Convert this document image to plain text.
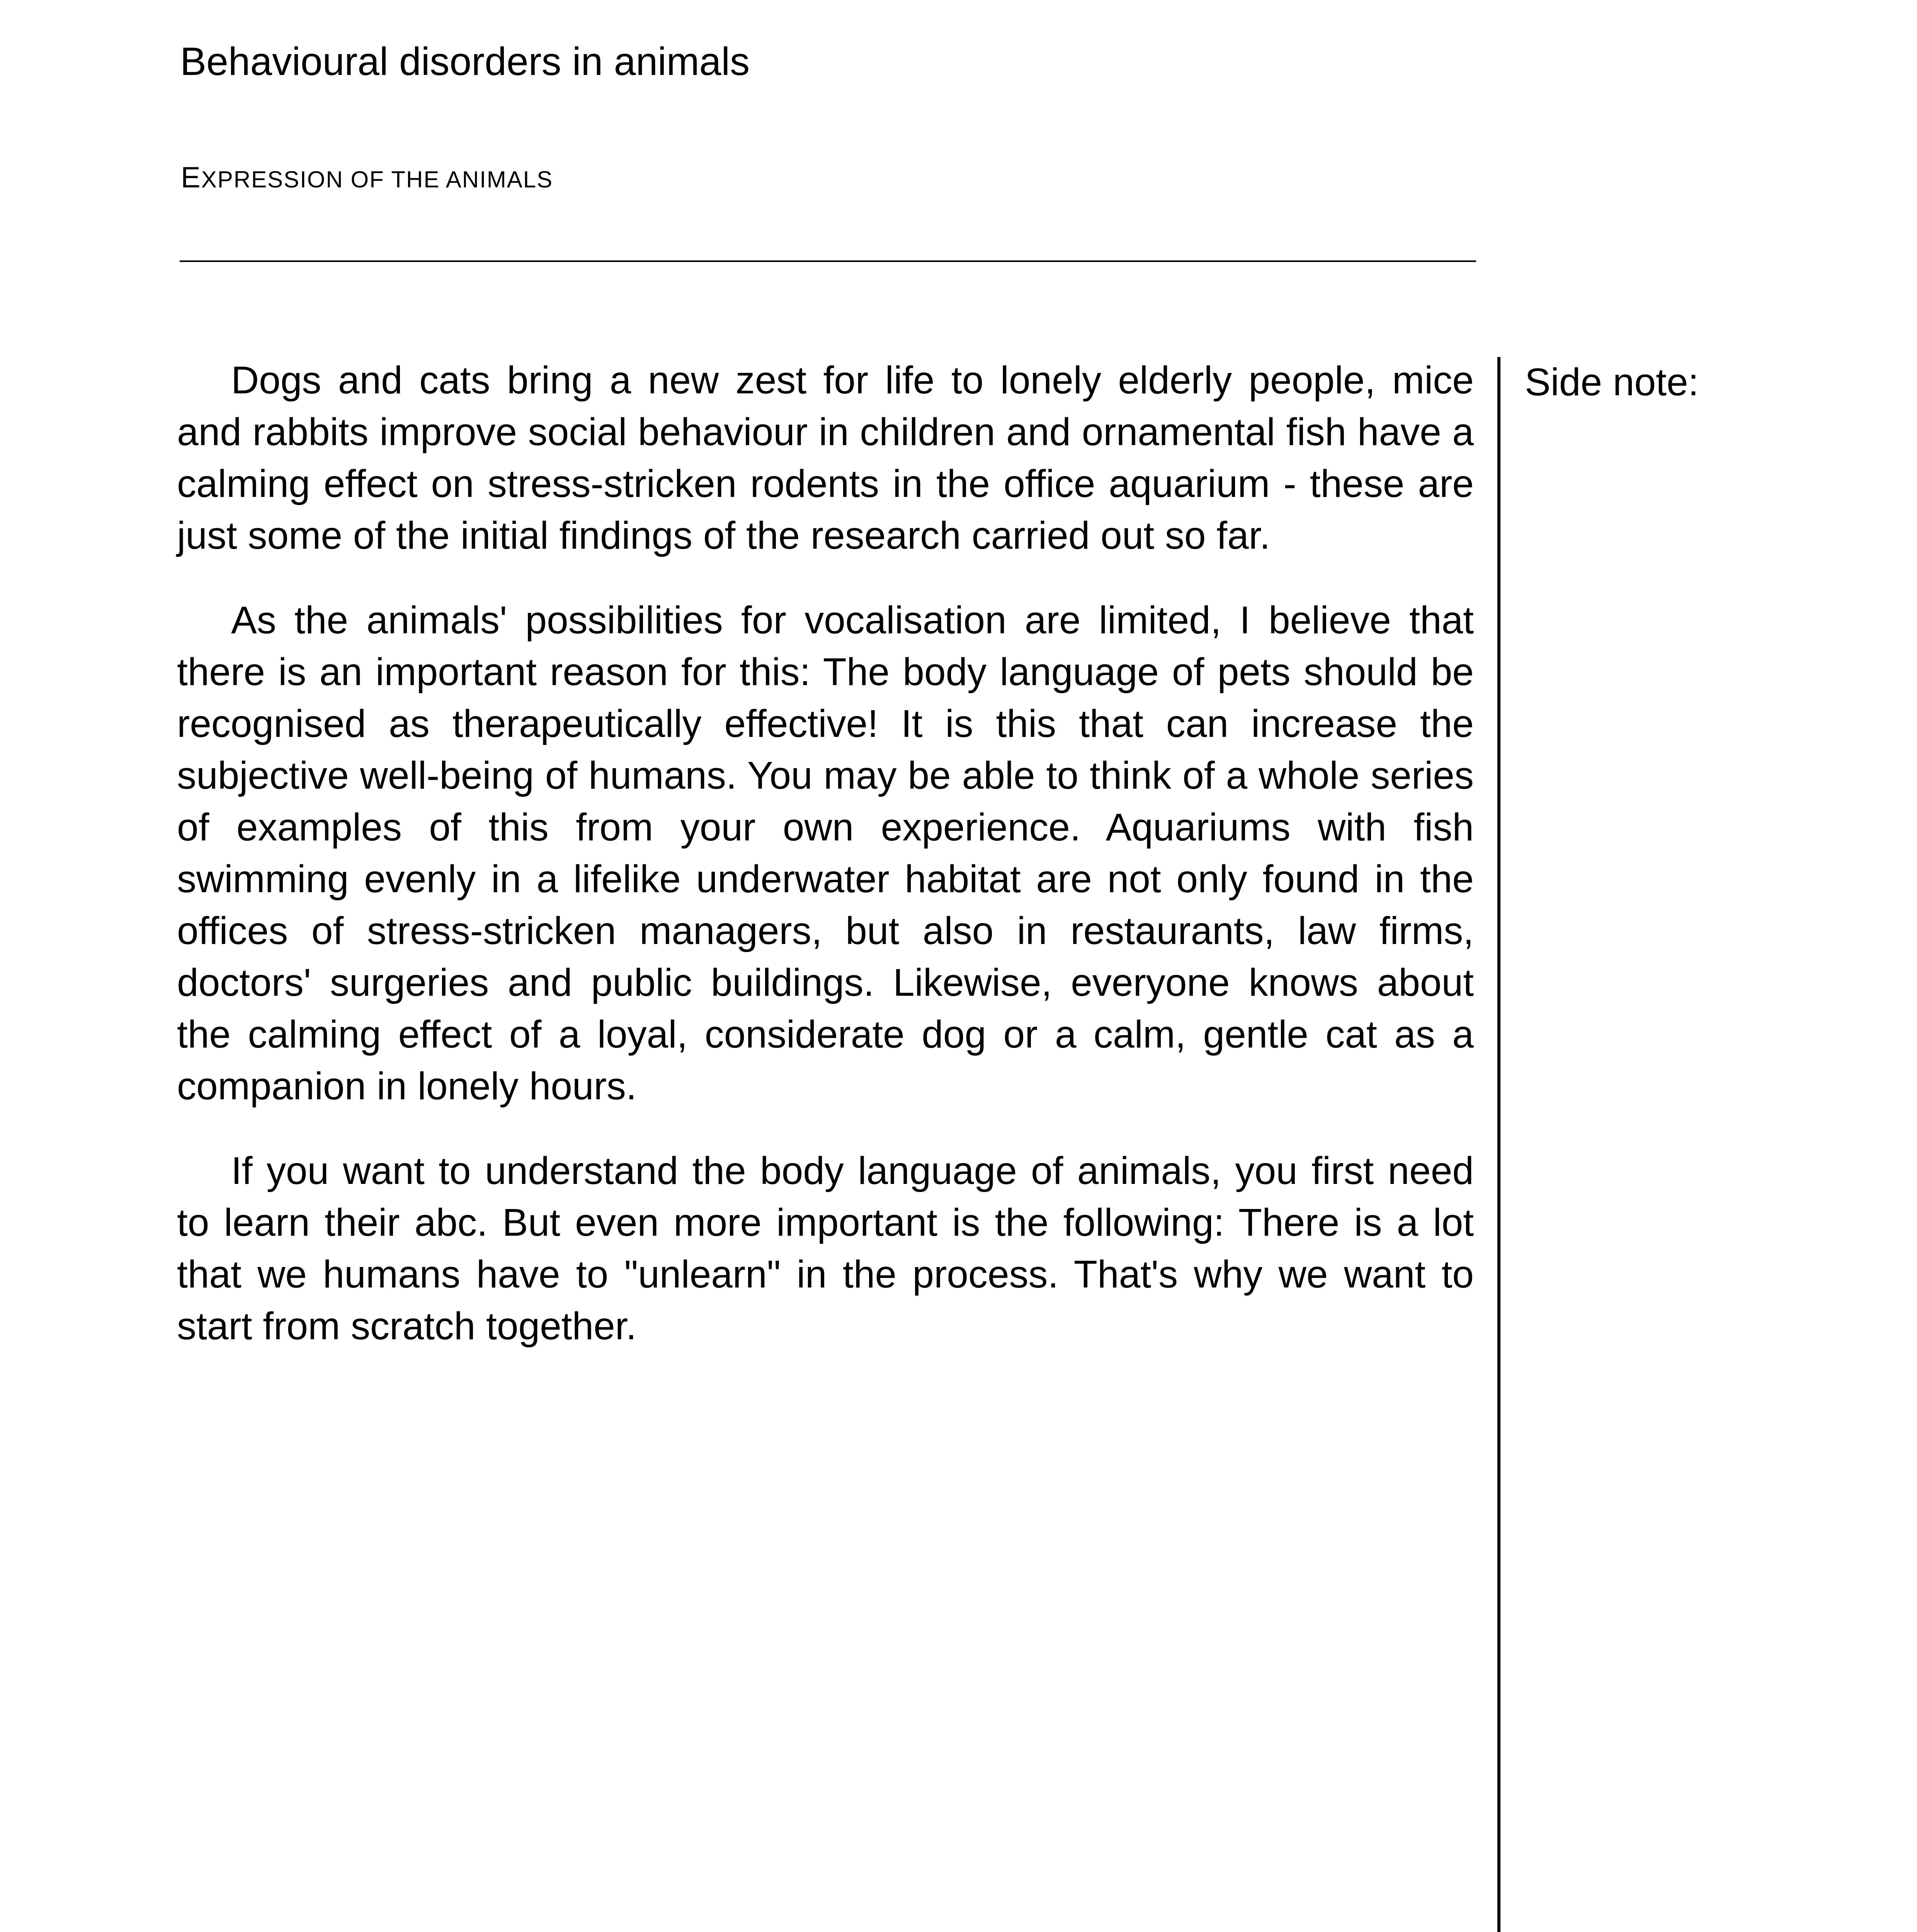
Behavioural disorders in animals
EXPRESSION OF THE ANIMALS
Dogs and cats bring a new zest for life to lonely elderly people, mice
and rabbits improve social behaviour in children and ornamental fish have a
calming effect on stress-stricken rodents in the office aquarium - these are
just some of the initial findings of the research carried out so far.
As the animals' possibilities for vocalisation are limited, I believe that
there is an important reason for this: The body language of pets should be
recognised as therapeutically effective! It is this that can increase the
subjective well-being of humans. You may be able to think of a whole series
of examples of this from your own experience. Aquariums with fish
swimming evenly in a lifelike underwater habitat are not only found in the
offices of stress-stricken managers, but also in restaurants, law firms,
doctors' surgeries and public buildings. Likewise, everyone knows about
the calming effect of a loyal, considerate dog or a calm, gentle cat as a
companion in lonely hours.
If you want to understand the body language of animals, you first need
to learn their abc. But even more important is the following: There is a lot
that we humans have to "unlearn" in the process. That's why we want to
start from scratch together.
Side note:
